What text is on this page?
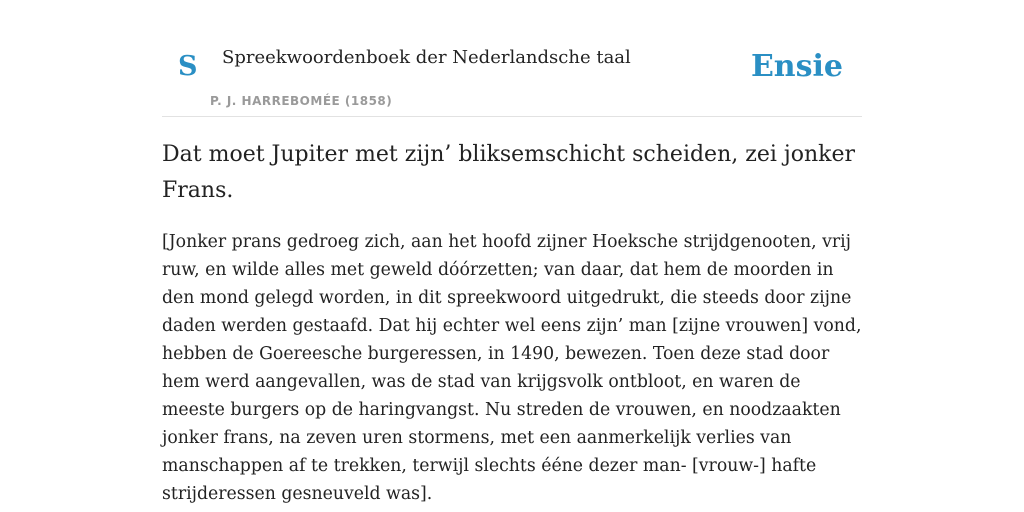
S Spreekwoordenboek der Nederlandsche taal
P. J. HARREBOMÉE (1858)
Ensie
Dat moet Jupiter met zijn’ bliksemschicht scheiden, zei jonker Frans.

[Jonker prans gedroeg zich, aan het hoofd zijner Hoeksche strijdgenooten, vrij ruw, en wilde alles met geweld dóórzetten; van daar, dat hem de moorden in den mond gelegd worden, in dit spreekwoord uitgedrukt, die steeds door zijne daden werden gestaafd. Dat hij echter wel eens zijn’ man [zijne vrouwen] vond, hebben de Goereesche burgeressen, in 1490, bewezen. Toen deze stad door hem werd aangevallen, was de stad van krijgsvolk ontbloot, en waren de meeste burgers op de haringvangst. Nu streden de vrouwen, en noodzaakten jonker frans, na zeven uren stormens, met een aanmerkelijk verlies van manschappen af te trekken, terwijl slechts ééne dezer man- [vrouw-] hafte strijderessen gesneuveld was].
